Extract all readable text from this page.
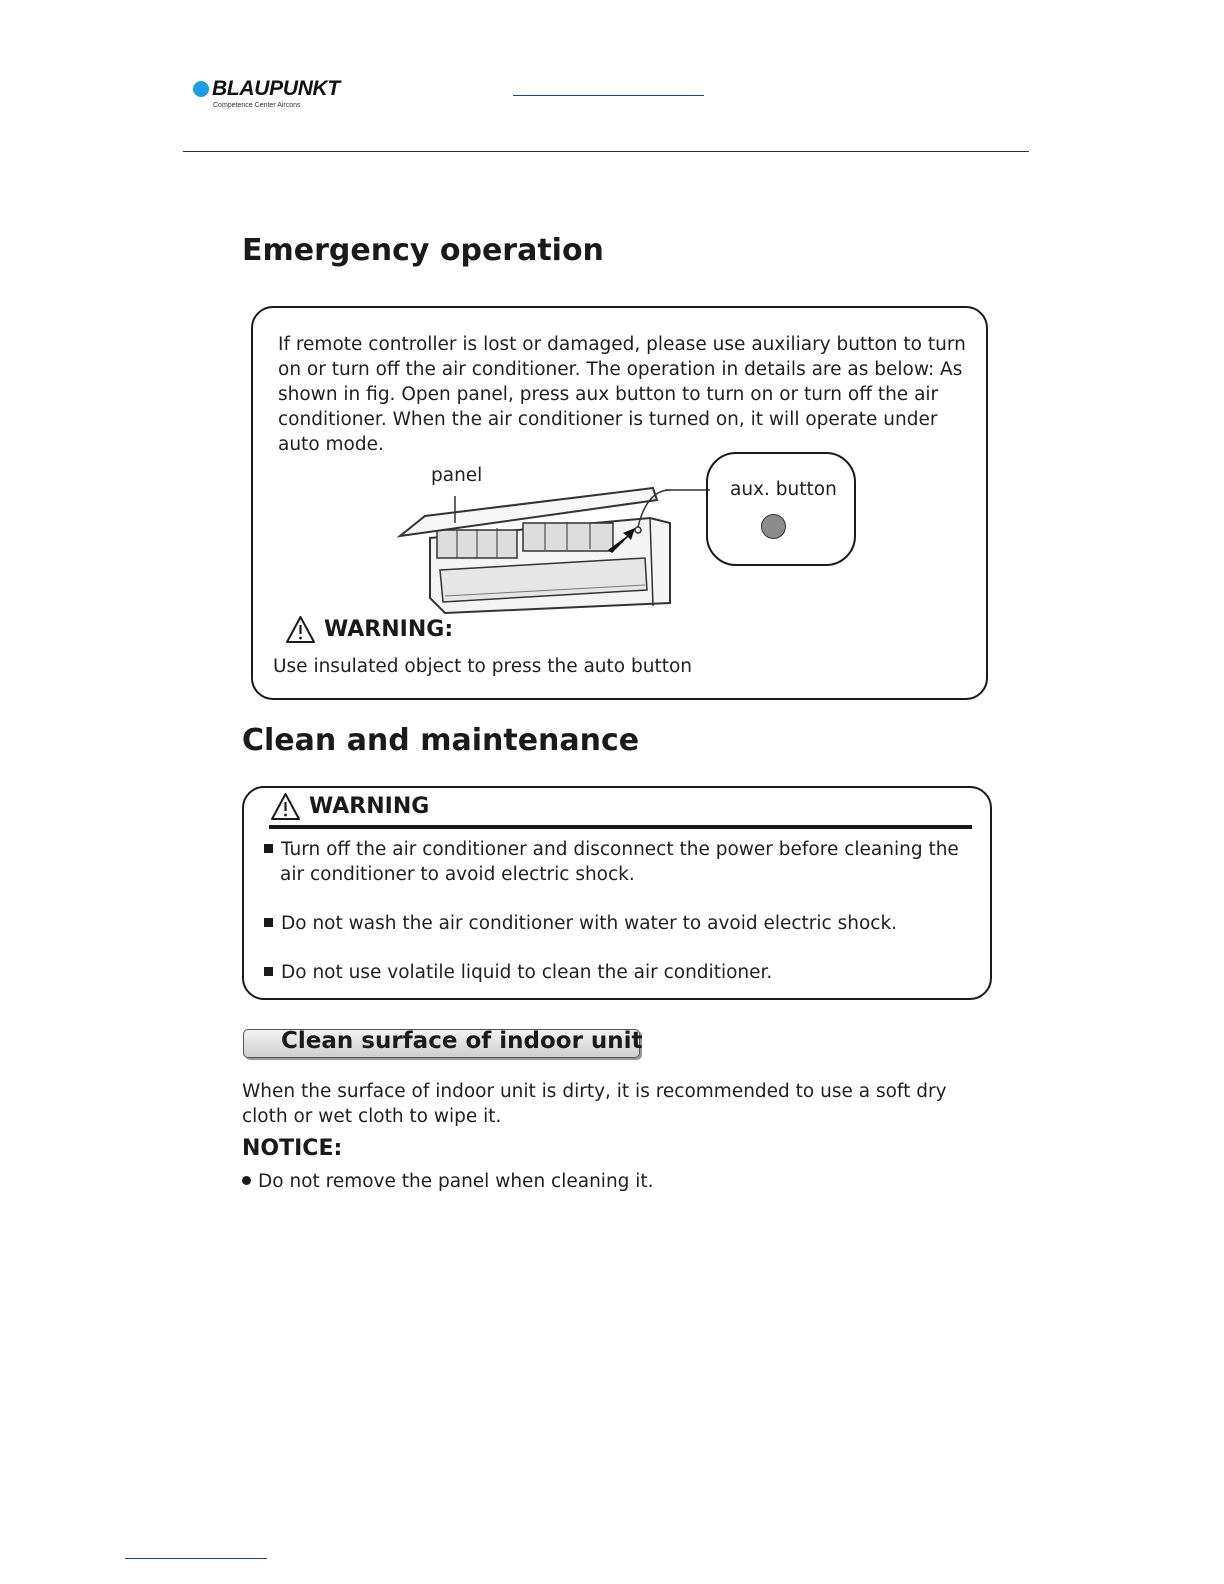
BLAUPUNKT
Competence Center Aircons
Emergency operation

If remote controller is lost or damaged, please use auxiliary button to turn
on or turn off the air conditioner. The operation in details are as below: As
shown in fig. Open panel, press aux button to turn on or turn off the air
conditioner. When the air conditioner is turned on, it will operate under
auto mode.

panel
aux. button
WARNING:
Use insulated object to press the auto button
Clean and maintenance
WARNING
Turn off the air conditioner and disconnect the power before cleaning the
air conditioner to avoid electric shock.
Do not wash the air conditioner with water to avoid electric shock.
Do not use volatile liquid to clean the air conditioner.
Clean surface of indoor unit

When the surface of indoor unit is dirty, it is recommended to use a soft dry
cloth or wet cloth to wipe it.

NOTICE:
Do not remove the panel when cleaning it.
